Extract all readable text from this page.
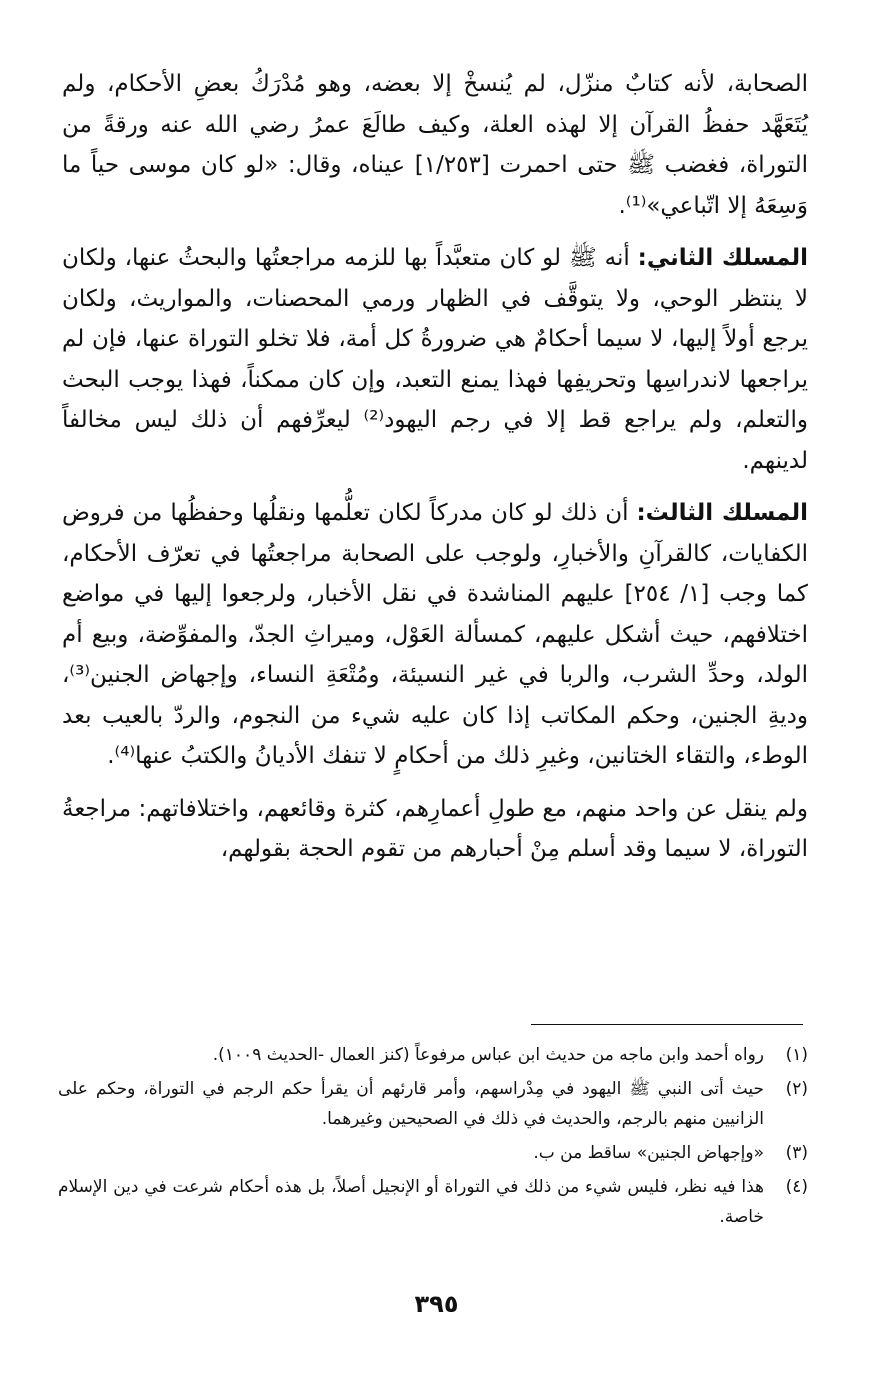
الصحابة، لأنه كتابٌ منزّل، لم يُنسخْ إلا بعضه، وهو مُدْرَكُ بعضِ الأحكام، ولم يُتَعَهَّد حفظُ القرآن إلا لهذه العلة، وكيف طالَعَ عمرُ رضي الله عنه ورقةً من التوراة، فغضب ﷺ حتى احمرت [١/٢٥٣] عيناه، وقال: «لو كان موسى حياً ما وَسِعَهُ إلا اتّباعي»⁽¹⁾.

المسلك الثاني: أنه ﷺ لو كان متعبَّداً بها للزمه مراجعتُها والبحثُ عنها، ولكان لا ينتظر الوحي، ولا يتوقَّف في الظهار ورمي المحصنات، والمواريث، ولكان يرجع أولاً إليها، لا سيما أحكامٌ هي ضرورةُ كل أمة، فلا تخلو التوراة عنها، فإن لم يراجعها لاندراسِها وتحريفِها فهذا يمنع التعبد، وإن كان ممكناً، فهذا يوجب البحث والتعلم، ولم يراجع قط إلا في رجم اليهود⁽²⁾ ليعرِّفهم أن ذلك ليس مخالفاً لدينهم.

المسلك الثالث: أن ذلك لو كان مدركاً لكان تعلُّمها ونقلُها وحفظُها من فروض الكفايات، كالقرآنِ والأخبارِ، ولوجب على الصحابة مراجعتُها في تعرّف الأحكام، كما وجب [١/ ٢٥٤] عليهم المناشدة في نقل الأخبار، ولرجعوا إليها في مواضع اختلافهم، حيث أشكل عليهم، كمسألة العَوْل، وميراثِ الجدّ، والمفوِّضة، وبيع أم الولد، وحدِّ الشرب، والربا في غير النسيئة، ومُتْعَةِ النساء، وإجهاض الجنين⁽³⁾، وديةِ الجنين، وحكم المكاتب إذا كان عليه شيء من النجوم، والردّ بالعيب بعد الوطء، والتقاء الختانين، وغيرِ ذلك من أحكامٍ لا تنفك الأديانُ والكتبُ عنها⁽⁴⁾.

ولم ينقل عن واحد منهم، مع طولِ أعمارِهم، كثرة وقائعهم، واختلافاتهم: مراجعةُ التوراة، لا سيما وقد أسلم مِنْ أحبارهم من تقوم الحجة بقولهم،

(١)
رواه أحمد وابن ماجه من حديث ابن عباس مرفوعاً (كنز العمال -الحديث ١٠٠٩).
(٢)
حيث أتى النبي ﷺ اليهود في مِدْراسهم، وأمر قارئهم أن يقرأ حكم الرجم في التوراة، وحكم على الزانيين منهم بالرجم، والحديث في ذلك في الصحيحين وغيرهما.
(٣)
«وإجهاض الجنين» ساقط من ب.
(٤)
هذا فيه نظر، فليس شيء من ذلك في التوراة أو الإنجيل أصلاً، بل هذه أحكام شرعت في دين الإسلام خاصة.
٣٩٥
